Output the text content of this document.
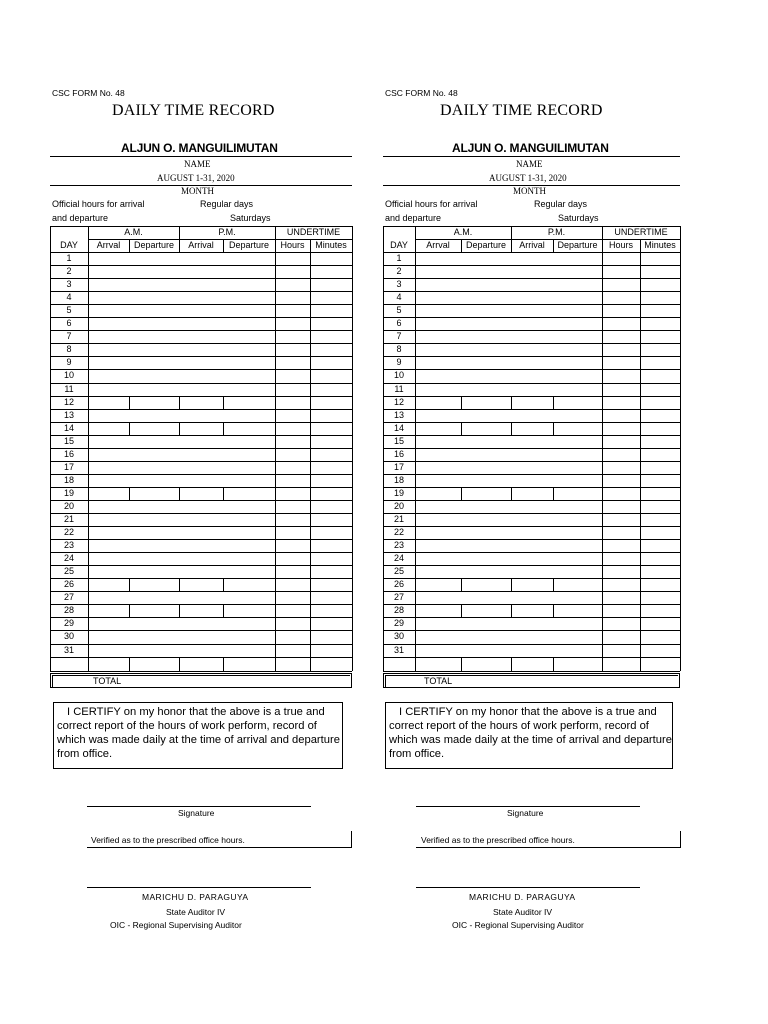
CSC FORM No. 48
DAILY TIME RECORD
ALJUN O. MANGUILIMUTAN
NAME
AUGUST 1-31, 2020
MONTH
Official hours for arrival	Regular days
and departure	Saturdays
A.M.	P.M.	UNDERTIME
DAY	Arrval	Departure	Arrival	Departure	Hours	Minutes
1
2
3
4
5
6
7
8
9
10
11
12
13
14
15
16
17
18
19
20
21
22
23
24
25
26
27
28
29
30
31
TOTAL
I CERTIFY on my honor that the above is a true and correct report of the hours of work perform, record of which was made daily at the time of arrival and departure from office.
Signature
Verified as to the prescribed office hours.
MARICHU D. PARAGUYA
State Auditor IV
OIC - Regional Supervising Auditor
CSC FORM No. 48
DAILY TIME RECORD
ALJUN O. MANGUILIMUTAN
NAME
AUGUST 1-31, 2020
MONTH
Official hours for arrival	Regular days
and departure	Saturdays
A.M.	P.M.	UNDERTIME
DAY	Arrval	Departure	Arrival	Departure	Hours	Minutes
1
2
3
4
5
6
7
8
9
10
11
12
13
14
15
16
17
18
19
20
21
22
23
24
25
26
27
28
29
30
31
TOTAL
I CERTIFY on my honor that the above is a true and correct report of the hours of work perform, record of which was made daily at the time of arrival and departure from office.
Signature
Verified as to the prescribed office hours.
MARICHU D. PARAGUYA
State Auditor IV
OIC - Regional Supervising Auditor
